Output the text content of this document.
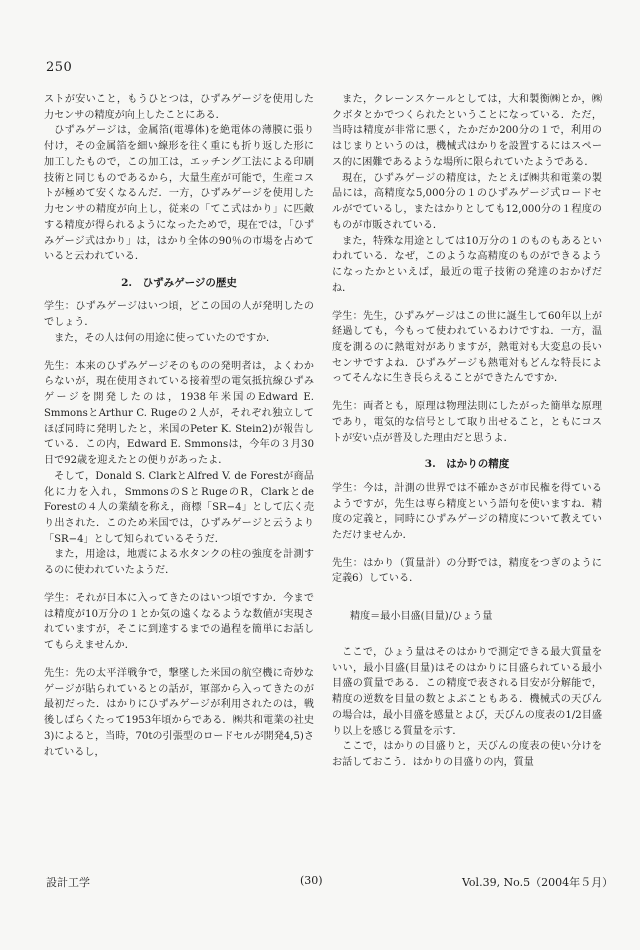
250

ストが安いこと，もうひとつは，ひずみゲージを使用した力センサの精度が向上したことにある．

ひずみゲージは，金属箔(電導体)を絶電体の薄膜に張り付け，その金属箔を細い線形を往く重にも折り返した形に加工したもので，この加工は，エッチング工法による印刷技術と同じものであるから，大量生産が可能で，生産コストが極めて安くなるんだ．一方，ひずみゲージを使用した力センサの精度が向上し，従来の「てこ式はかり」に匹敵する精度が得られるようになったためで，現在では，「ひずみゲージ式はかり」は，はかり全体の90％の市場を占めていると云われている．

2.　ひずみゲージの歴史

学生：ひずみゲージはいつ頃，どこの国の人が発明したのでしょう．

また，その人は何の用途に使っていたのですか．

先生：本来のひずみゲージそのものの発明者は，よくわからないが，現在使用されている接着型の電気抵抗線ひずみゲージを開発したのは，1938年米国のEdward E. SmmonsとArthur C. Rugeの２人が，それぞれ独立してほぼ同時に発明したと，米国のPeter K. Stein2)が報告している．この内，Edward E. Smmonsは，今年の３月30日で92歳を迎えたとの便りがあったよ．

そして，Donald S. ClarkとAlfred V. de Forestが商品化に力を入れ，SmmonsのSとRugeのR，Clarkとde Forestの４人の業績を称え，商標「SR−4」として広く売り出された．このため米国では，ひずみゲージと云うより「SR−4」として知られているそうだ．

また，用途は，地震による水タンクの柱の強度を計測するのに使われていたようだ．

学生：それが日本に入ってきたのはいつ頃ですか．今までは精度が10万分の１とか気の遠くなるような数値が実現されていますが，そこに到達するまでの過程を簡単にお話してもらえませんか．

先生：先の太平洋戦争で，撃墜した米国の航空機に奇妙なゲージが貼られているとの話が，軍部から入ってきたのが最初だった．はかりにひずみゲージが利用されたのは，戦後しばらくたって1953年頃からである．㈱共和電業の社史3)によると，当時，70tの引張型のロードセルが開発4,5)されているし，

また，クレーンスケールとしては，大和製衡㈱とか，㈱クボタとかでつくられたということになっている．ただ，当時は精度が非常に悪く，たかだか200分の１で，利用のはじまりというのは，機械式はかりを設置するにはスペース的に困難であるような場所に限られていたようである．

現在，ひずみゲージの精度は，たとえば㈱共和電業の製品には，高精度な5,000分の１のひずみゲージ式ロードセルがでているし，またはかりとしても12,000分の１程度のものが市販されている．

また，特殊な用途としては10万分の１のものもあるといわれている．なぜ，このような高精度のものができるようになったかといえば，最近の電子技術の発達のおかげだね．

学生：先生，ひずみゲージはこの世に誕生して60年以上が経過しても，今もって使われているわけですね．一方，温度を測るのに熱電対がありますが，熱電対も大変息の長いセンサですよね．ひずみゲージも熱電対もどんな特長によってそんなに生き長らえることができたんですか．

先生：両者とも，原理は物理法則にしたがった簡単な原理であり，電気的な信号として取り出せること，ともにコストが安い点が普及した理由だと思うよ．

3.　はかりの精度

学生：今は，計測の世界では不確かさが市民権を得ているようですが，先生は専ら精度という語句を使いますね．精度の定義と，同時にひずみゲージの精度について教えていただけませんか．

先生：はかり（質量計）の分野では，精度をつぎのように定義6）している．

精度＝最小目盛(目量)/ひょう量

ここで，ひょう量はそのはかりで測定できる最大質量をいい，最小目盛(目量)はそのはかりに目盛られている最小目盛の質量である．この精度で表される目安が分解能で，精度の逆数を目量の数とよぶこともある．機械式の天びんの場合は，最小目盛を感量とよび，天びんの度表の1/2目盛り以上を感じる質量を示す．

ここで，はかりの目盛りと，天びんの度表の使い分けをお話しておこう．はかりの目盛りの内，質量

設計工学	(30)	Vol.39, No.5（2004年５月）
